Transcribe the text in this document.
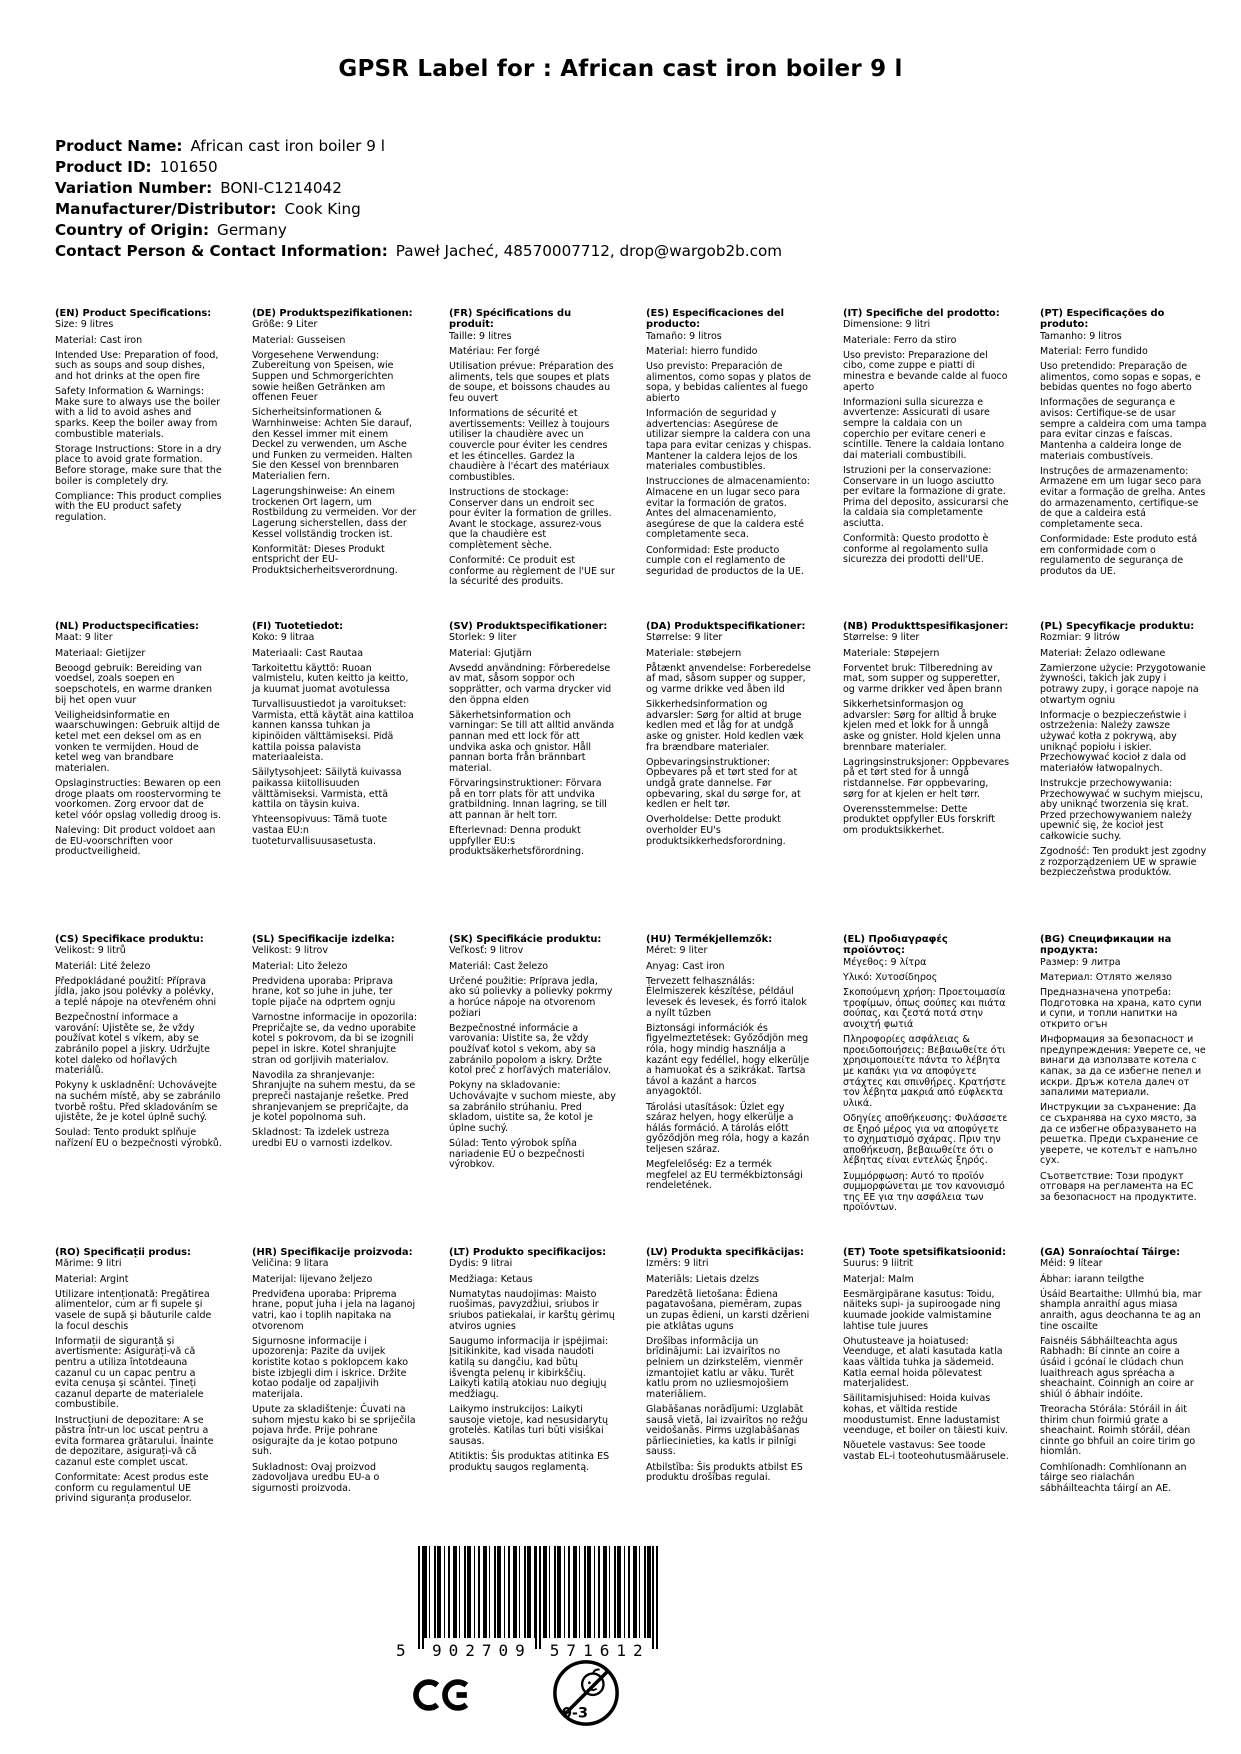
GPSR Label for : African cast iron boiler 9 l
Product Name: African cast iron boiler 9 l
Product ID: 101650
Variation Number: BONI-C1214042
Manufacturer/Distributor: Cook King
Country of Origin: Germany
Contact Person & Contact Information: Paweł Jacheć, 48570007712, drop@wargob2b.com
(EN) Product Specifications:

Size: 9 litres

Material: Cast iron

Intended Use: Preparation of food, such as soups and soup dishes, and hot drinks at the open fire

Safety Information & Warnings: Make sure to always use the boiler with a lid to avoid ashes and sparks. Keep the boiler away from combustible materials.

Storage Instructions: Store in a dry place to avoid grate formation. Before storage, make sure that the boiler is completely dry.

Compliance: This product complies with the EU product safety regulation.

(DE) Produktspezifikationen:

Größe: 9 Liter

Material: Gusseisen

Vorgesehene Verwendung: Zubereitung von Speisen, wie Suppen und Schmorgerichten sowie heißen Getränken am offenen Feuer

Sicherheitsinformationen & Warnhinweise: Achten Sie darauf, den Kessel immer mit einem Deckel zu verwenden, um Asche und Funken zu vermeiden. Halten Sie den Kessel von brennbaren Materialien fern.

Lagerungshinweise: An einem trockenen Ort lagern, um Rostbildung zu vermeiden. Vor der Lagerung sicherstellen, dass der Kessel vollständig trocken ist.

Konformität: Dieses Produkt entspricht der EU-Produktsicherheitsverordnung.

(FR) Spécifications du produit:

Taille: 9 litres

Matériau: Fer forgé

Utilisation prévue: Préparation des aliments, tels que soupes et plats de soupe, et boissons chaudes au feu ouvert

Informations de sécurité et avertissements: Veillez à toujours utiliser la chaudière avec un couvercle pour éviter les cendres et les étincelles. Gardez la chaudière à l'écart des matériaux combustibles.

Instructions de stockage: Conserver dans un endroit sec pour éviter la formation de grilles. Avant le stockage, assurez-vous que la chaudière est complètement sèche.

Conformité: Ce produit est conforme au règlement de l'UE sur la sécurité des produits.

(ES) Especificaciones del producto:

Tamaño: 9 litros

Material: hierro fundido

Uso previsto: Preparación de alimentos, como sopas y platos de sopa, y bebidas calientes al fuego abierto

Información de seguridad y advertencias: Asegúrese de utilizar siempre la caldera con una tapa para evitar cenizas y chispas. Mantener la caldera lejos de los materiales combustibles.

Instrucciones de almacenamiento: Almacene en un lugar seco para evitar la formación de gratos. Antes del almacenamiento, asegúrese de que la caldera esté completamente seca.

Conformidad: Este producto cumple con el reglamento de seguridad de productos de la UE.

(IT) Specifiche del prodotto:

Dimensione: 9 litri

Materiale: Ferro da stiro

Uso previsto: Preparazione del cibo, come zuppe e piatti di minestra e bevande calde al fuoco aperto

Informazioni sulla sicurezza e avvertenze: Assicurati di usare sempre la caldaia con un coperchio per evitare ceneri e scintille. Tenere la caldaia lontano dai materiali combustibili.

Istruzioni per la conservazione: Conservare in un luogo asciutto per evitare la formazione di grate. Prima del deposito, assicurarsi che la caldaia sia completamente asciutta.

Conformità: Questo prodotto è conforme al regolamento sulla sicurezza dei prodotti dell'UE.

(PT) Especificações do produto:

Tamanho: 9 litros

Material: Ferro fundido

Uso pretendido: Preparação de alimentos, como sopas e sopas, e bebidas quentes no fogo aberto

Informações de segurança e avisos: Certifique-se de usar sempre a caldeira com uma tampa para evitar cinzas e faíscas. Mantenha a caldeira longe de materiais combustíveis.

Instruções de armazenamento: Armazene em um lugar seco para evitar a formação de grelha. Antes do armazenamento, certifique-se de que a caldeira está completamente seca.

Conformidade: Este produto está em conformidade com o regulamento de segurança de produtos da UE.

(NL) Productspecificaties:

Maat: 9 liter

Materiaal: Gietijzer

Beoogd gebruik: Bereiding van voedsel, zoals soepen en soepschotels, en warme dranken bij het open vuur

Veiligheidsinformatie en waarschuwingen: Gebruik altijd de ketel met een deksel om as en vonken te vermijden. Houd de ketel weg van brandbare materialen.

Opslaginstructies: Bewaren op een droge plaats om roostervorming te voorkomen. Zorg ervoor dat de ketel vóór opslag volledig droog is.

Naleving: Dit product voldoet aan de EU-voorschriften voor productveiligheid.

(FI) Tuotetiedot:

Koko: 9 litraa

Materiaali: Cast Rautaa

Tarkoitettu käyttö: Ruoan valmistelu, kuten keitto ja keitto, ja kuumat juomat avotulessa

Turvallisuustiedot ja varoitukset: Varmista, että käytät aina kattiloa kannen kanssa tuhkan ja kipinöiden välttämiseksi. Pidä kattila poissa palavista materiaaleista.

Säilytysohjeet: Säilytä kuivassa paikassa kiitollisuuden välttämiseksi. Varmista, että kattila on täysin kuiva.

Yhteensopivuus: Tämä tuote vastaa EU:n tuoteturvallisuusasetusta.

(SV) Produktspecifikationer:

Storlek: 9 liter

Material: Gjutjärn

Avsedd användning: Förberedelse av mat, såsom soppor och sopprätter, och varma drycker vid den öppna elden

Säkerhetsinformation och varningar: Se till att alltid använda pannan med ett lock för att undvika aska och gnistor. Håll pannan borta från brännbart material.

Förvaringsinstruktioner: Förvara på en torr plats för att undvika gratbildning. Innan lagring, se till att pannan är helt torr.

Efterlevnad: Denna produkt uppfyller EU:s produktsäkerhetsförordning.

(DA) Produktspecifikationer:

Størrelse: 9 liter

Materiale: støbejern

Påtænkt anvendelse: Forberedelse af mad, såsom supper og supper, og varme drikke ved åben ild

Sikkerhedsinformation og advarsler: Sørg for altid at bruge kedlen med et låg for at undgå aske og gnister. Hold kedlen væk fra brændbare materialer.

Opbevaringsinstruktioner: Opbevares på et tørt sted for at undgå grate dannelse. Før opbevaring, skal du sørge for, at kedlen er helt tør.

Overholdelse: Dette produkt overholder EU's produktsikkerhedsforordning.

(NB) Produkttspesifikasjoner:

Størrelse: 9 liter

Materiale: Støpejern

Forventet bruk: Tilberedning av mat, som supper og supperetter, og varme drikker ved åpen brann

Sikkerhetsinformasjon og advarsler: Sørg for alltid å bruke kjelen med et lokk for å unngå aske og gnister. Hold kjelen unna brennbare materialer.

Lagringsinstruksjoner: Oppbevares på et tørt sted for å unngå ristdannelse. Før oppbevaring, sørg for at kjelen er helt tørr.

Overensstemmelse: Dette produktet oppfyller EUs forskrift om produktsikkerhet.

(PL) Specyfikacje produktu:

Rozmiar: 9 litrów

Materiał: Żelazo odlewane

Zamierzone użycie: Przygotowanie żywności, takich jak zupy i potrawy zupy, i gorące napoje na otwartym ogniu

Informacje o bezpieczeństwie i ostrzeżenia: Należy zawsze używać kotła z pokrywą, aby uniknąć popiołu i iskier. Przechowywać kocioł z dala od materiałów łatwopalnych.

Instrukcje przechowywania: Przechowywać w suchym miejscu, aby uniknąć tworzenia się krat. Przed przechowywaniem należy upewnić się, że kocioł jest całkowicie suchy.

Zgodność: Ten produkt jest zgodny z rozporządzeniem UE w sprawie bezpieczeństwa produktów.

(CS) Specifikace produktu:

Velikost: 9 litrů

Materiál: Lité železo

Předpokládané použití: Příprava jídla, jako jsou polévky a polévky, a teplé nápoje na otevřeném ohni

Bezpečnostní informace a varování: Ujistěte se, že vždy používat kotel s víkem, aby se zabránilo popel a jiskry. Udržujte kotel daleko od hořlavých materiálů.

Pokyny k uskladnění: Uchovávejte na suchém místě, aby se zabránilo tvorbě roštu. Před skladováním se ujistěte, že je kotel úplně suchý.

Soulad: Tento produkt splňuje nařízení EU o bezpečnosti výrobků.

(SL) Specifikacije izdelka:

Velikost: 9 litrov

Material: Lito železo

Predvidena uporaba: Priprava hrane, kot so juhe in juhe, ter tople pijače na odprtem ognju

Varnostne informacije in opozorila: Prepričajte se, da vedno uporabite kotel s pokrovom, da bi se izognili pepel in iskre. Kotel shranjujte stran od gorljivih materialov.

Navodila za shranjevanje: Shranjujte na suhem mestu, da se prepreči nastajanje rešetke. Pred shranjevanjem se prepričajte, da je kotel popolnoma suh.

Skladnost: Ta izdelek ustreza uredbi EU o varnosti izdelkov.

(SK) Špecifikácie produktu:

Veľkosť: 9 litrov

Materiál: Cast železo

Určené použitie: Príprava jedla, ako sú polievky a polievky pokrmy a horúce nápoje na otvorenom požiari

Bezpečnostné informácie a varovania: Uistite sa, že vždy používať kotol s vekom, aby sa zabránilo popolom a iskry. Držte kotol preč z horľavých materiálov.

Pokyny na skladovanie: Uchovávajte v suchom mieste, aby sa zabránilo strúhaniu. Pred skladom, uistite sa, že kotol je úplne suchý.

Súlad: Tento výrobok spĺňa nariadenie EÚ o bezpečnosti výrobkov.

(HU) Termékjellemzők:

Méret: 9 liter

Anyag: Cast iron

Tervezett felhasználás: Élelmiszerek készítése, például levesek és levesek, és forró italok a nyílt tűzben

Biztonsági információk és figyelmeztetések: Győződjön meg róla, hogy mindig használja a kazánt egy fedéllel, hogy elkerülje a hamuokat és a szikrákat. Tartsa távol a kazánt a harcos anyagoktól.

Tárolási utasítások: Üzlet egy száraz helyen, hogy elkerülje a hálás formáció. A tárolás előtt győződjön meg róla, hogy a kazán teljesen száraz.

Megfelelőség: Ez a termék megfelel az EU termékbiztonsági rendeletének.

(EL) Προδιαγραφές προϊόντος:

Μέγεθος: 9 λίτρα

Υλικό: Χυτοσίδηρος

Σκοπούμενη χρήση: Προετοιμασία τροφίμων, όπως σούπες και πιάτα σούπας, και ζεστά ποτά στην ανοιχτή φωτιά

Πληροφορίες ασφάλειας & προειδοποιήσεις: Βεβαιωθείτε ότι χρησιμοποιείτε πάντα το λέβητα με καπάκι για να αποφύγετε στάχτες και σπινθήρες. Κρατήστε τον λέβητα μακριά από εύφλεκτα υλικά.

Οδηγίες αποθήκευσης: Φυλάσσετε σε ξηρό μέρος για να αποφύγετε το σχηματισμό σχάρας. Πριν την αποθήκευση, βεβαιωθείτε ότι ο λέβητας είναι εντελώς ξηρός.

Συμμόρφωση: Αυτό το προϊόν συμμορφώνεται με τον κανονισμό της ΕΕ για την ασφάλεια των προϊόντων.

(BG) Спецификации на продукта:

Размер: 9 литра

Материал: Отлято желязо

Предназначена употреба: Подготовка на храна, като супи и супи, и топли напитки на открито огън

Информация за безопасност и предупреждения: Уверете се, че винаги да използвате котела с капак, за да се избегне пепел и искри. Дръж котела далеч от запалими материали.

Инструкции за съхранение: Да се съхранява на сухо място, за да се избегне образуването на решетка. Преди съхранение се уверете, че котелът е напълно сух.

Съответствие: Този продукт отговаря на регламента на ЕС за безопасност на продуктите.

(RO) Specificații produs:

Mărime: 9 litri

Material: Argint

Utilizare intenționată: Pregătirea alimentelor, cum ar fi supele și vasele de supă și băuturile calde la focul deschis

Informații de siguranță și avertismente: Asigurați-vă că pentru a utiliza întotdeauna cazanul cu un capac pentru a evita cenușa și scântei. Țineți cazanul departe de materialele combustibile.

Instrucțiuni de depozitare: A se păstra într-un loc uscat pentru a evita formarea grătarului. Înainte de depozitare, asigurați-vă că cazanul este complet uscat.

Conformitate: Acest produs este conform cu regulamentul UE privind siguranța produselor.

(HR) Specifikacije proizvoda:

Veličina: 9 litara

Materijal: lijevano željezo

Predviđena uporaba: Priprema hrane, poput juha i jela na laganoj vatri, kao i toplih napitaka na otvorenom

Sigurnosne informacije i upozorenja: Pazite da uvijek koristite kotao s poklopcem kako biste izbjegli dim i iskrice. Držite kotao podalje od zapaljivih materijala.

Upute za skladištenje: Čuvati na suhom mjestu kako bi se spriječila pojava hrđe. Prije pohrane osigurajte da je kotao potpuno suh.

Sukladnost: Ovaj proizvod zadovoljava uredbu EU-a o sigurnosti proizvoda.

(LT) Produkto specifikacijos:

Dydis: 9 litrai

Medžiaga: Ketaus

Numatytas naudojimas: Maisto ruošimas, pavyzdžiui, sriubos ir sriubos patiekalai, ir karštų gėrimų atviros ugnies

Saugumo informacija ir įspėjimai: Įsitikinkite, kad visada naudoti katilą su dangčiu, kad būtų išvengta pelenų ir kibirkščių. Laikyti katilą atokiau nuo degiųjų medžiagų.

Laikymo instrukcijos: Laikyti sausoje vietoje, kad nesusidarytų grotelės. Katilas turi būti visiškai sausas.

Atitiktis: Šis produktas atitinka ES produktų saugos reglamentą.

(LV) Produkta specifikācijas:

Izmērs: 9 litri

Materiāls: Lietais dzelzs

Paredzētā lietošana: Ēdiena pagatavošana, piemēram, zupas un zupas ēdieni, un karsti dzērieni pie atklātas uguns

Drošības informācija un brīdinājumi: Lai izvairītos no pelniem un dzirkstelēm, vienmēr izmantojiet katlu ar vāku. Turēt katlu prom no uzliesmojošiem materiāliem.

Glabāšanas norādījumi: Uzglabāt sausā vietā, lai izvairītos no režģu veidošanās. Pirms uzglabāšanas pārliecinieties, ka katls ir pilnīgi sauss.

Atbilstība: Šis produkts atbilst ES produktu drošības regulai.

(ET) Toote spetsifikatsioonid:

Suurus: 9 liitrit

Materjal: Malm

Eesmärgipärane kasutus: Toidu, näiteks supi- ja supiroogade ning kuumade jookide valmistamine lahtise tule juures

Ohutusteave ja hoiatused: Veenduge, et alati kasutada katla kaas vältida tuhka ja sädemeid. Katla eemal hoida põlevatest materjalidest.

Säilitamisjuhised: Hoida kuivas kohas, et vältida restide moodustumist. Enne ladustamist veenduge, et boiler on täiesti kuiv.

Nõuetele vastavus: See toode vastab EL-i tooteohutusmäärusele.

(GA) Sonraíochtaí Táirge:

Méid: 9 lítear

Ábhar: iarann teilgthe

Úsáid Beartaithe: Ullmhú bia, mar shampla anraithí agus miasa anraith, agus deochanna te ag an tine oscailte

Faisnéis Sábháilteachta agus Rabhadh: Bí cinnte an coire a úsáid i gcónaí le clúdach chun luaithreach agus spréacha a sheachaint. Coinnigh an coire ar shiúl ó ábhair indóite.

Treoracha Stórála: Stóráil in áit thirim chun foirmiú grate a sheachaint. Roimh stóráil, déan cinnte go bhfuil an coire tirim go hiomlán.

Comhlíonadh: Comhlíonann an táirge seo rialachán sábháilteachta táirgí an AE.

5	902709 571612
0-3
